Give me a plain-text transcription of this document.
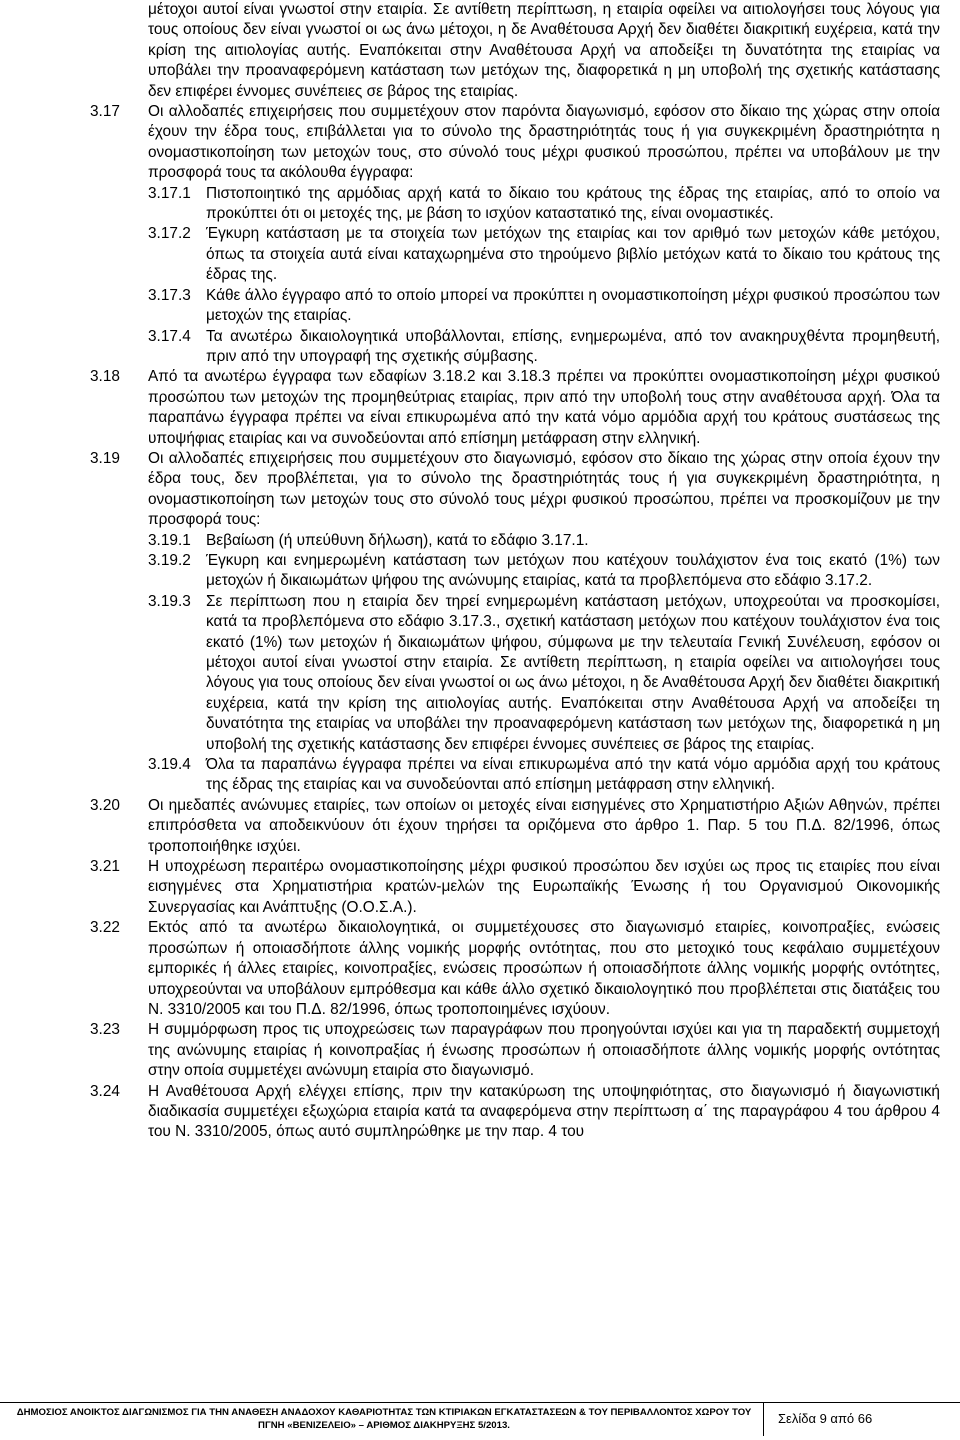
μέτοχοι αυτοί είναι γνωστοί στην εταιρία. Σε αντίθετη περίπτωση, η εταιρία οφείλει να αιτιολογήσει τους λόγους για τους οποίους δεν είναι γνωστοί οι ως άνω μέτοχοι, η δε Αναθέτουσα Αρχή δεν διαθέτει διακριτική ευχέρεια, κατά την κρίση της αιτιολογίας αυτής. Εναπόκειται στην Αναθέτουσα Αρχή να αποδείξει τη δυνατότητα της εταιρίας να υποβάλει την προαναφερόμενη κατάσταση των μετόχων της, διαφορετικά η μη υποβολή της σχετικής κατάστασης δεν επιφέρει έννομες συνέπειες σε βάρος της εταιρίας.

3.17 Οι αλλοδαπές επιχειρήσεις που συμμετέχουν στον παρόντα διαγωνισμό, εφόσον στο δίκαιο της χώρας στην οποία έχουν την έδρα τους, επιβάλλεται για το σύνολο της δραστηριότητάς τους ή για συγκεκριμένη δραστηριότητα η ονομαστικοποίηση των μετοχών τους, στο σύνολό τους μέχρι φυσικού προσώπου, πρέπει να υποβάλουν με την προσφορά τους τα ακόλουθα έγγραφα:

3.17.1 Πιστοποιητικό της αρμόδιας αρχή κατά το δίκαιο του κράτους της έδρας της εταιρίας, από το οποίο να προκύπτει ότι οι μετοχές της, με βάση το ισχύον καταστατικό της, είναι ονομαστικές.

3.17.2 Έγκυρη κατάσταση με τα στοιχεία των μετόχων της εταιρίας και τον αριθμό των μετοχών κάθε μετόχου, όπως τα στοιχεία αυτά είναι καταχωρημένα στο τηρούμενο βιβλίο μετόχων κατά το δίκαιο του κράτους της έδρας της.

3.17.3 Κάθε άλλο έγγραφο από το οποίο μπορεί να προκύπτει η ονομαστικοποίηση μέχρι φυσικού προσώπου των μετοχών της εταιρίας.

3.17.4 Τα ανωτέρω δικαιολογητικά υποβάλλονται, επίσης, ενημερωμένα, από τον ανακηρυχθέντα προμηθευτή, πριν από την υπογραφή της σχετικής σύμβασης.

3.18 Από τα ανωτέρω έγγραφα των εδαφίων 3.18.2 και 3.18.3 πρέπει να προκύπτει ονομαστικοποίηση μέχρι φυσικού προσώπου των μετοχών της προμηθεύτριας εταιρίας, πριν από την υποβολή τους στην αναθέτουσα αρχή. Όλα τα παραπάνω έγγραφα πρέπει να είναι επικυρωμένα από την κατά νόμο αρμόδια αρχή του κράτους συστάσεως της υποψήφιας εταιρίας και να συνοδεύονται από επίσημη μετάφραση στην ελληνική.

3.19 Οι αλλοδαπές επιχειρήσεις που συμμετέχουν στο διαγωνισμό, εφόσον στο δίκαιο της χώρας στην οποία έχουν την έδρα τους, δεν προβλέπεται, για το σύνολο της δραστηριότητάς τους ή για συγκεκριμένη δραστηριότητα, η ονομαστικοποίηση των μετοχών τους στο σύνολό τους μέχρι φυσικού προσώπου, πρέπει να προσκομίζουν με την προσφορά τους:

3.19.1 Βεβαίωση (ή υπεύθυνη δήλωση), κατά το εδάφιο 3.17.1.

3.19.2 Έγκυρη και ενημερωμένη κατάσταση των μετόχων που κατέχουν τουλάχιστον ένα τοις εκατό (1%) των μετοχών ή δικαιωμάτων ψήφου της ανώνυμης εταιρίας, κατά τα προβλεπόμενα στο εδάφιο 3.17.2.

3.19.3 Σε περίπτωση που η εταιρία δεν τηρεί ενημερωμένη κατάσταση μετόχων, υποχρεούται να προσκομίσει, κατά τα προβλεπόμενα στο εδάφιο 3.17.3., σχετική κατάσταση μετόχων που κατέχουν τουλάχιστον ένα τοις εκατό (1%) των μετοχών ή δικαιωμάτων ψήφου, σύμφωνα με την τελευταία Γενική Συνέλευση, εφόσον οι μέτοχοι αυτοί είναι γνωστοί στην εταιρία. Σε αντίθετη περίπτωση, η εταιρία οφείλει να αιτιολογήσει τους λόγους για τους οποίους δεν είναι γνωστοί οι ως άνω μέτοχοι, η δε Αναθέτουσα Αρχή δεν διαθέτει διακριτική ευχέρεια, κατά την κρίση της αιτιολογίας αυτής. Εναπόκειται στην Αναθέτουσα Αρχή να αποδείξει τη δυνατότητα της εταιρίας να υποβάλει την προαναφερόμενη κατάσταση των μετόχων της, διαφορετικά η μη υποβολή της σχετικής κατάστασης δεν επιφέρει έννομες συνέπειες σε βάρος της εταιρίας.

3.19.4 Όλα τα παραπάνω έγγραφα πρέπει να είναι επικυρωμένα από την κατά νόμο αρμόδια αρχή του κράτους της έδρας της εταιρίας και να συνοδεύονται από επίσημη μετάφραση στην ελληνική.

3.20 Οι ημεδαπές ανώνυμες εταιρίες, των οποίων οι μετοχές είναι εισηγμένες στο Χρηματιστήριο Αξιών Αθηνών, πρέπει επιπρόσθετα να αποδεικνύουν ότι έχουν τηρήσει τα οριζόμενα στο άρθρο 1. Παρ. 5 του Π.Δ. 82/1996, όπως τροποποιήθηκε ισχύει.

3.21 Η υποχρέωση περαιτέρω ονομαστικοποίησης μέχρι φυσικού προσώπου δεν ισχύει ως προς τις εταιρίες που είναι εισηγμένες στα Χρηματιστήρια κρατών-μελών της Ευρωπαϊκής Ένωσης ή του Οργανισμού Οικονομικής Συνεργασίας και Ανάπτυξης (Ο.Ο.Σ.Α.).

3.22 Εκτός από τα ανωτέρω δικαιολογητικά, οι συμμετέχουσες στο διαγωνισμό εταιρίες, κοινοπραξίες, ενώσεις προσώπων ή οποιασδήποτε άλλης νομικής μορφής οντότητας, που στο μετοχικό τους κεφάλαιο συμμετέχουν εμπορικές ή άλλες εταιρίες, κοινοπραξίες, ενώσεις προσώπων ή οποιασδήποτε άλλης νομικής μορφής οντότητες, υποχρεούνται να υποβάλουν εμπρόθεσμα και κάθε άλλο σχετικό δικαιολογητικό που προβλέπεται στις διατάξεις του Ν. 3310/2005 και του Π.Δ. 82/1996, όπως τροποποιημένες ισχύουν.

3.23 Η συμμόρφωση προς τις υποχρεώσεις των παραγράφων που προηγούνται ισχύει και για τη παραδεκτή συμμετοχή της ανώνυμης εταιρίας ή κοινοπραξίας ή ένωσης προσώπων ή οποιασδήποτε άλλης νομικής μορφής οντότητας στην οποία συμμετέχει ανώνυμη εταιρία στο διαγωνισμό.

3.24 Η Αναθέτουσα Αρχή ελέγχει επίσης, πριν την κατακύρωση της υποψηφιότητας, στο διαγωνισμό ή διαγωνιστική διαδικασία συμμετέχει εξωχώρια εταιρία κατά τα αναφερόμενα στην περίπτωση α΄ της παραγράφου 4 του άρθρου 4 του Ν. 3310/2005, όπως αυτό συμπληρώθηκε με την παρ. 4 του

ΔΗΜΟΣΙΟΣ ΑΝΟΙΚΤΟΣ ΔΙΑΓΩΝΙΣΜΟΣ ΓΙΑ ΤΗΝ ΑΝΑΘΕΣΗ ΑΝΑΔΟΧΟΥ ΚΑΘΑΡΙΟΤΗΤΑΣ ΤΩΝ ΚΤΙΡΙΑΚΩΝ ΕΓΚΑΤΑΣΤΑΣΕΩΝ & ΤΟΥ ΠΕΡΙΒΑΛΛΟΝΤΟΣ ΧΩΡΟΥ ΤΟΥ
ΠΓΝΗ «ΒΕΝΙΖΕΛΕΙΟ» – ΑΡΙΘΜΟΣ ΔΙΑΚΗΡΥΞΗΣ 5/2013.	Σελίδα 9 από 66
